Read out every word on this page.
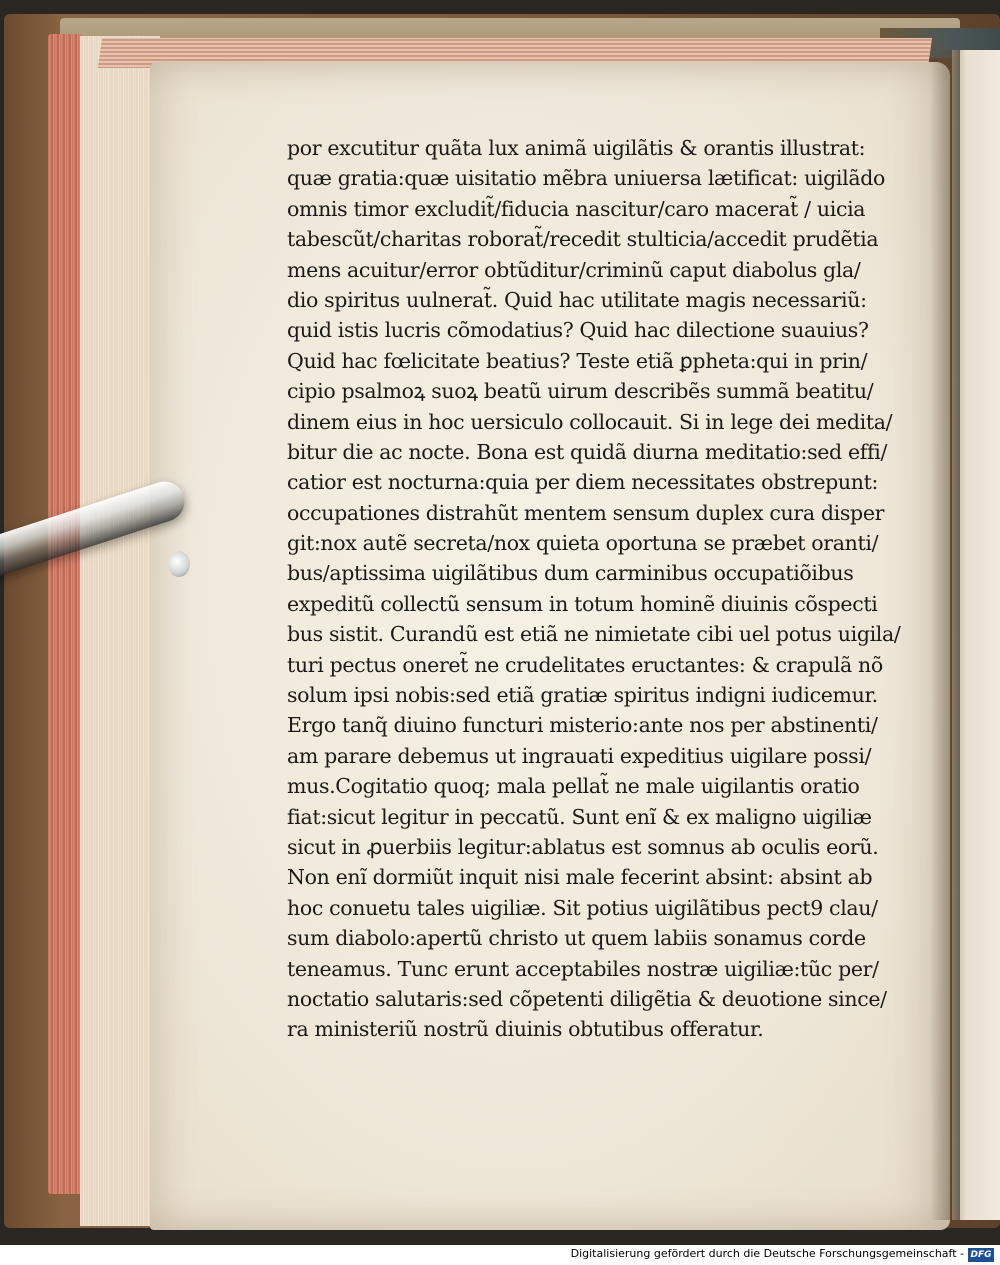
por excutitur quãta lux animã uigilãtis & orantis illustrat:
quæ gratia:quæ uisitatio mẽbra uniuersa lætificat: uigilãdo
omnis timor excludit̃/fiducia nascitur/caro macerat̃ / uicia
tabescũt/charitas roborat̃/recedit stulticia/accedit prudẽtia
mens acuitur/error obtũditur/criminũ caput diabolus gla/
dio spiritus uulnerat̃. Quid hac utilitate magis necessariũ:
quid istis lucris cõmodatius? Quid hac dilectione suauius?
Quid hac fœlicitate beatius? Teste etiã ꝑpheta:qui in prin/
cipio psalmoꝝ suoꝝ beatũ uirum describẽs summã beatitu/
dinem eius in hoc uersiculo collocauit. Si in lege dei medita/
bitur die ac nocte. Bona est quidã diurna meditatio:sed effi/
catior est nocturna:quia per diem necessitates obstrepunt:
occupationes distrahũt mentem sensum duplex cura disper
git:nox autẽ secreta/nox quieta oportuna se præbet oranti/
bus/aptissima uigilãtibus dum carminibus occupatiõibus
expeditũ collectũ sensum in totum hominẽ diuinis cõspecti
bus sistit. Curandũ est etiã ne nimietate cibi uel potus uigila/
turi pectus oneret̃ ne crudelitates eructantes: & crapulã nõ
solum ipsi nobis:sed etiã gratiæ spiritus indigni iudicemur.
Ergo tanq̃ diuino functuri misterio:ante nos per abstinenti/
am parare debemus ut ingrauati expeditius uigilare possi/
mus.Cogitatio quoq; mala pellat̃ ne male uigilantis oratio
fiat:sicut legitur in peccatũ. Sunt enĩ & ex maligno uigiliæ
sicut in ꝓuerbiis legitur:ablatus est somnus ab oculis eorũ.
Non enĩ dormiũt inquit nisi male fecerint absint: absint ab
hoc conuetu tales uigiliæ. Sit potius uigilãtibus pect9 clau/
sum diabolo:apertũ christo ut quem labiis sonamus corde
teneamus. Tunc erunt acceptabiles nostræ uigiliæ:tũc per/
noctatio salutaris:sed cõpetenti diligẽtia & deuotione since/
ra ministeriũ nostrũ diuinis obtutibus offeratur.
Digitalisierung gefördert durch die Deutsche Forschungsgemeinschaft - DFG
